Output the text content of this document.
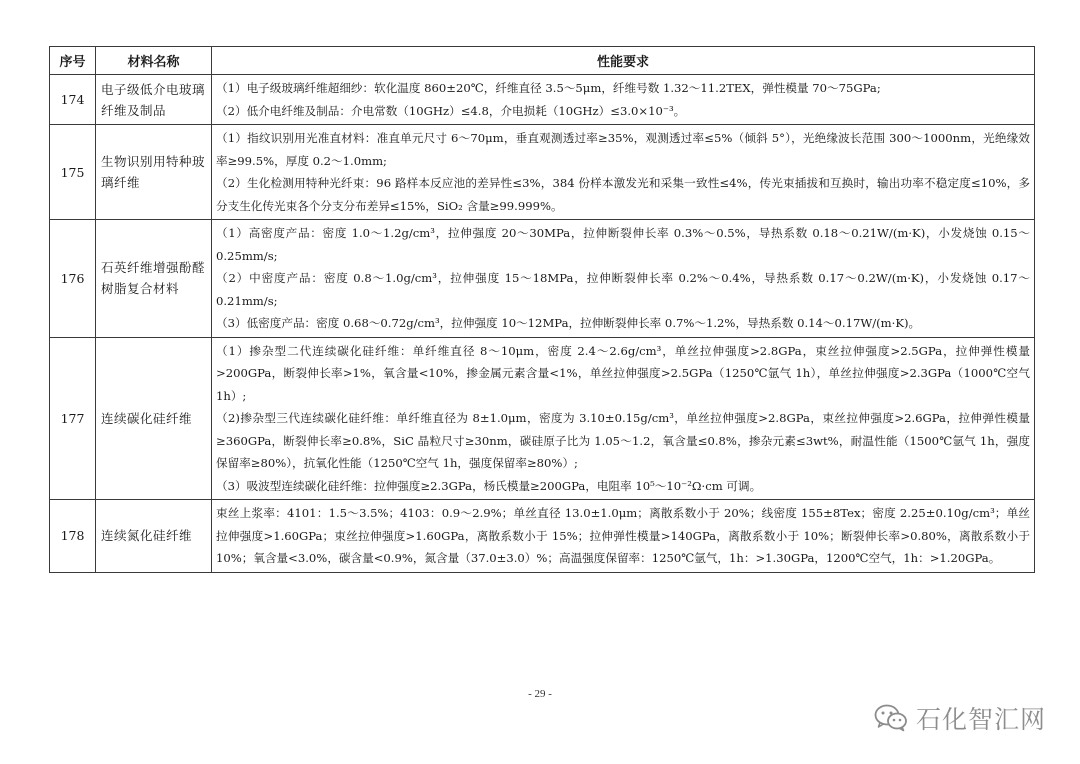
序号	材料名称	性能要求
174	电子级低介电玻璃纤维及制品	（1）电子级玻璃纤维超细纱：软化温度 860±20℃，纤维直径 3.5～5μm，纤维号数 1.32～11.2TEX，弹性模量 70～75GPa;

（2）低介电纤维及制品：介电常数（10GHz）≤4.8，介电损耗（10GHz）≤3.0×10⁻³。

175	生物识别用特种玻璃纤维	（1）指纹识别用光准直材料：准直单元尺寸 6～70μm，垂直观测透过率≥35%，观测透过率≤5%（倾斜 5°），光绝缘波长范围 300～1000nm，光绝缘效率≥99.5%，厚度 0.2～1.0mm;

（2）生化检测用特种光纤束：96 路样本反应池的差异性≤3%，384 份样本激发光和采集一致性≤4%，传光束插拔和互换时，输出功率不稳定度≤10%，多分支生化传光束各个分支分布差异≤15%，SiO₂ 含量≥99.999%。

176	石英纤维增强酚醛树脂复合材料	（1）高密度产品：密度 1.0～1.2g/cm³，拉伸强度 20～30MPa，拉伸断裂伸长率 0.3%～0.5%，导热系数 0.18～0.21W/(m·K)，小发烧蚀 0.15～0.25mm/s;

（2）中密度产品：密度 0.8～1.0g/cm³，拉伸强度 15～18MPa，拉伸断裂伸长率 0.2%～0.4%，导热系数 0.17～0.2W/(m·K)，小发烧蚀 0.17～0.21mm/s;

（3）低密度产品：密度 0.68～0.72g/cm³，拉伸强度 10～12MPa，拉伸断裂伸长率 0.7%～1.2%，导热系数 0.14～0.17W/(m·K)。

177	连续碳化硅纤维	（1）掺杂型二代连续碳化硅纤维：单纤维直径 8～10μm，密度 2.4～2.6g/cm³，单丝拉伸强度>2.8GPa，束丝拉伸强度>2.5GPa，拉伸弹性模量>200GPa，断裂伸长率>1%，氧含量<10%，掺金属元素含量<1%，单丝拉伸强度>2.5GPa（1250℃氩气 1h），单丝拉伸强度>2.3GPa（1000℃空气 1h）;

（2)掺杂型三代连续碳化硅纤维：单纤维直径为 8±1.0μm，密度为 3.10±0.15g/cm³，单丝拉伸强度>2.8GPa，束丝拉伸强度>2.6GPa，拉伸弹性模量≥360GPa，断裂伸长率≥0.8%，SiC 晶粒尺寸≥30nm，碳硅原子比为 1.05～1.2，氧含量≤0.8%，掺杂元素≤3wt%，耐温性能（1500℃氩气 1h，强度保留率≥80%），抗氧化性能（1250℃空气 1h，强度保留率≥80%）;

（3）吸波型连续碳化硅纤维：拉伸强度≥2.3GPa，杨氏模量≥200GPa，电阻率 10⁵～10⁻²Ω·cm 可调。

178	连续氮化硅纤维	束丝上浆率：4101：1.5～3.5%；4103：0.9～2.9%；单丝直径 13.0±1.0μm；离散系数小于 20%；线密度 155±8Tex；密度 2.25±0.10g/cm³；单丝拉伸强度>1.60GPa；束丝拉伸强度>1.60GPa，离散系数小于 15%；拉伸弹性模量>140GPa，离散系数小于 10%；断裂伸长率>0.80%，离散系数小于 10%；氧含量<3.0%，碳含量<0.9%，氮含量（37.0±3.0）%；高温强度保留率：1250℃氩气，1h：>1.30GPa，1200℃空气，1h：>1.20GPa。

- 29 -
石化智汇网
